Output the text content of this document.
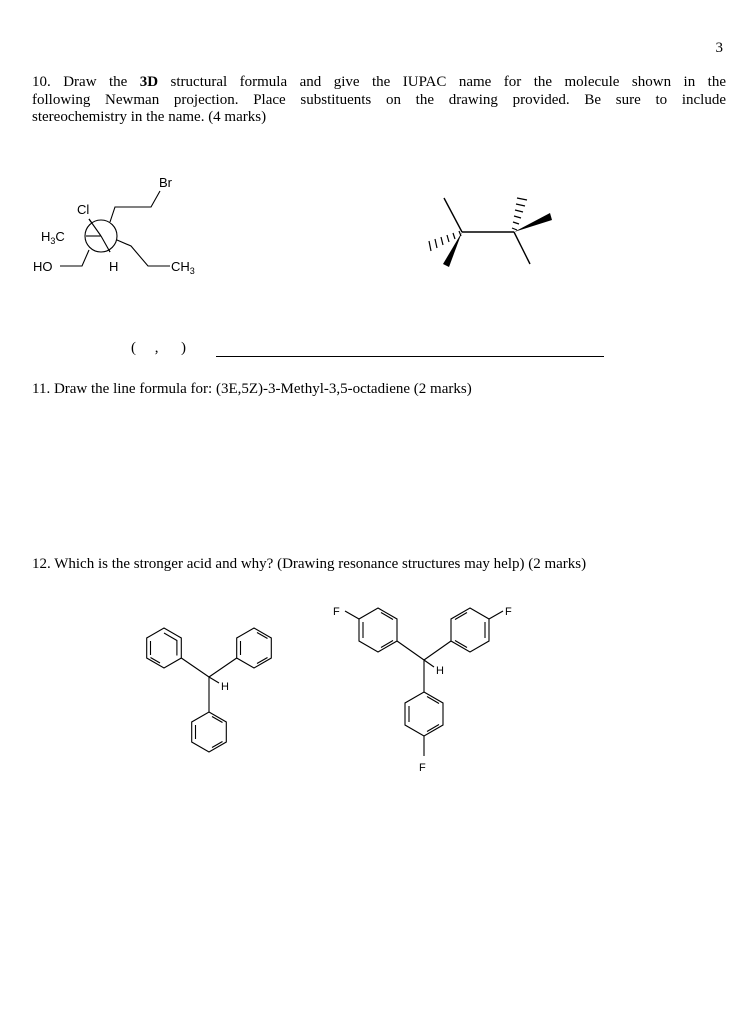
3
10. Draw the 3D structural formula and give the IUPAC name for the molecule shown in the
following Newman projection. Place substituents on the drawing provided. Be sure to include
stereochemistry in the name. (4 marks)
Br
Cl
$H_3C$
HO	H	$CH_3$
(     ,      )
11. Draw the line formula for: (3E,5Z)-3-Methyl-3,5-octadiene (2 marks)
12. Which is the stronger acid and why? (Drawing resonance structures may help) (2 marks)
H
F	F
F
H
